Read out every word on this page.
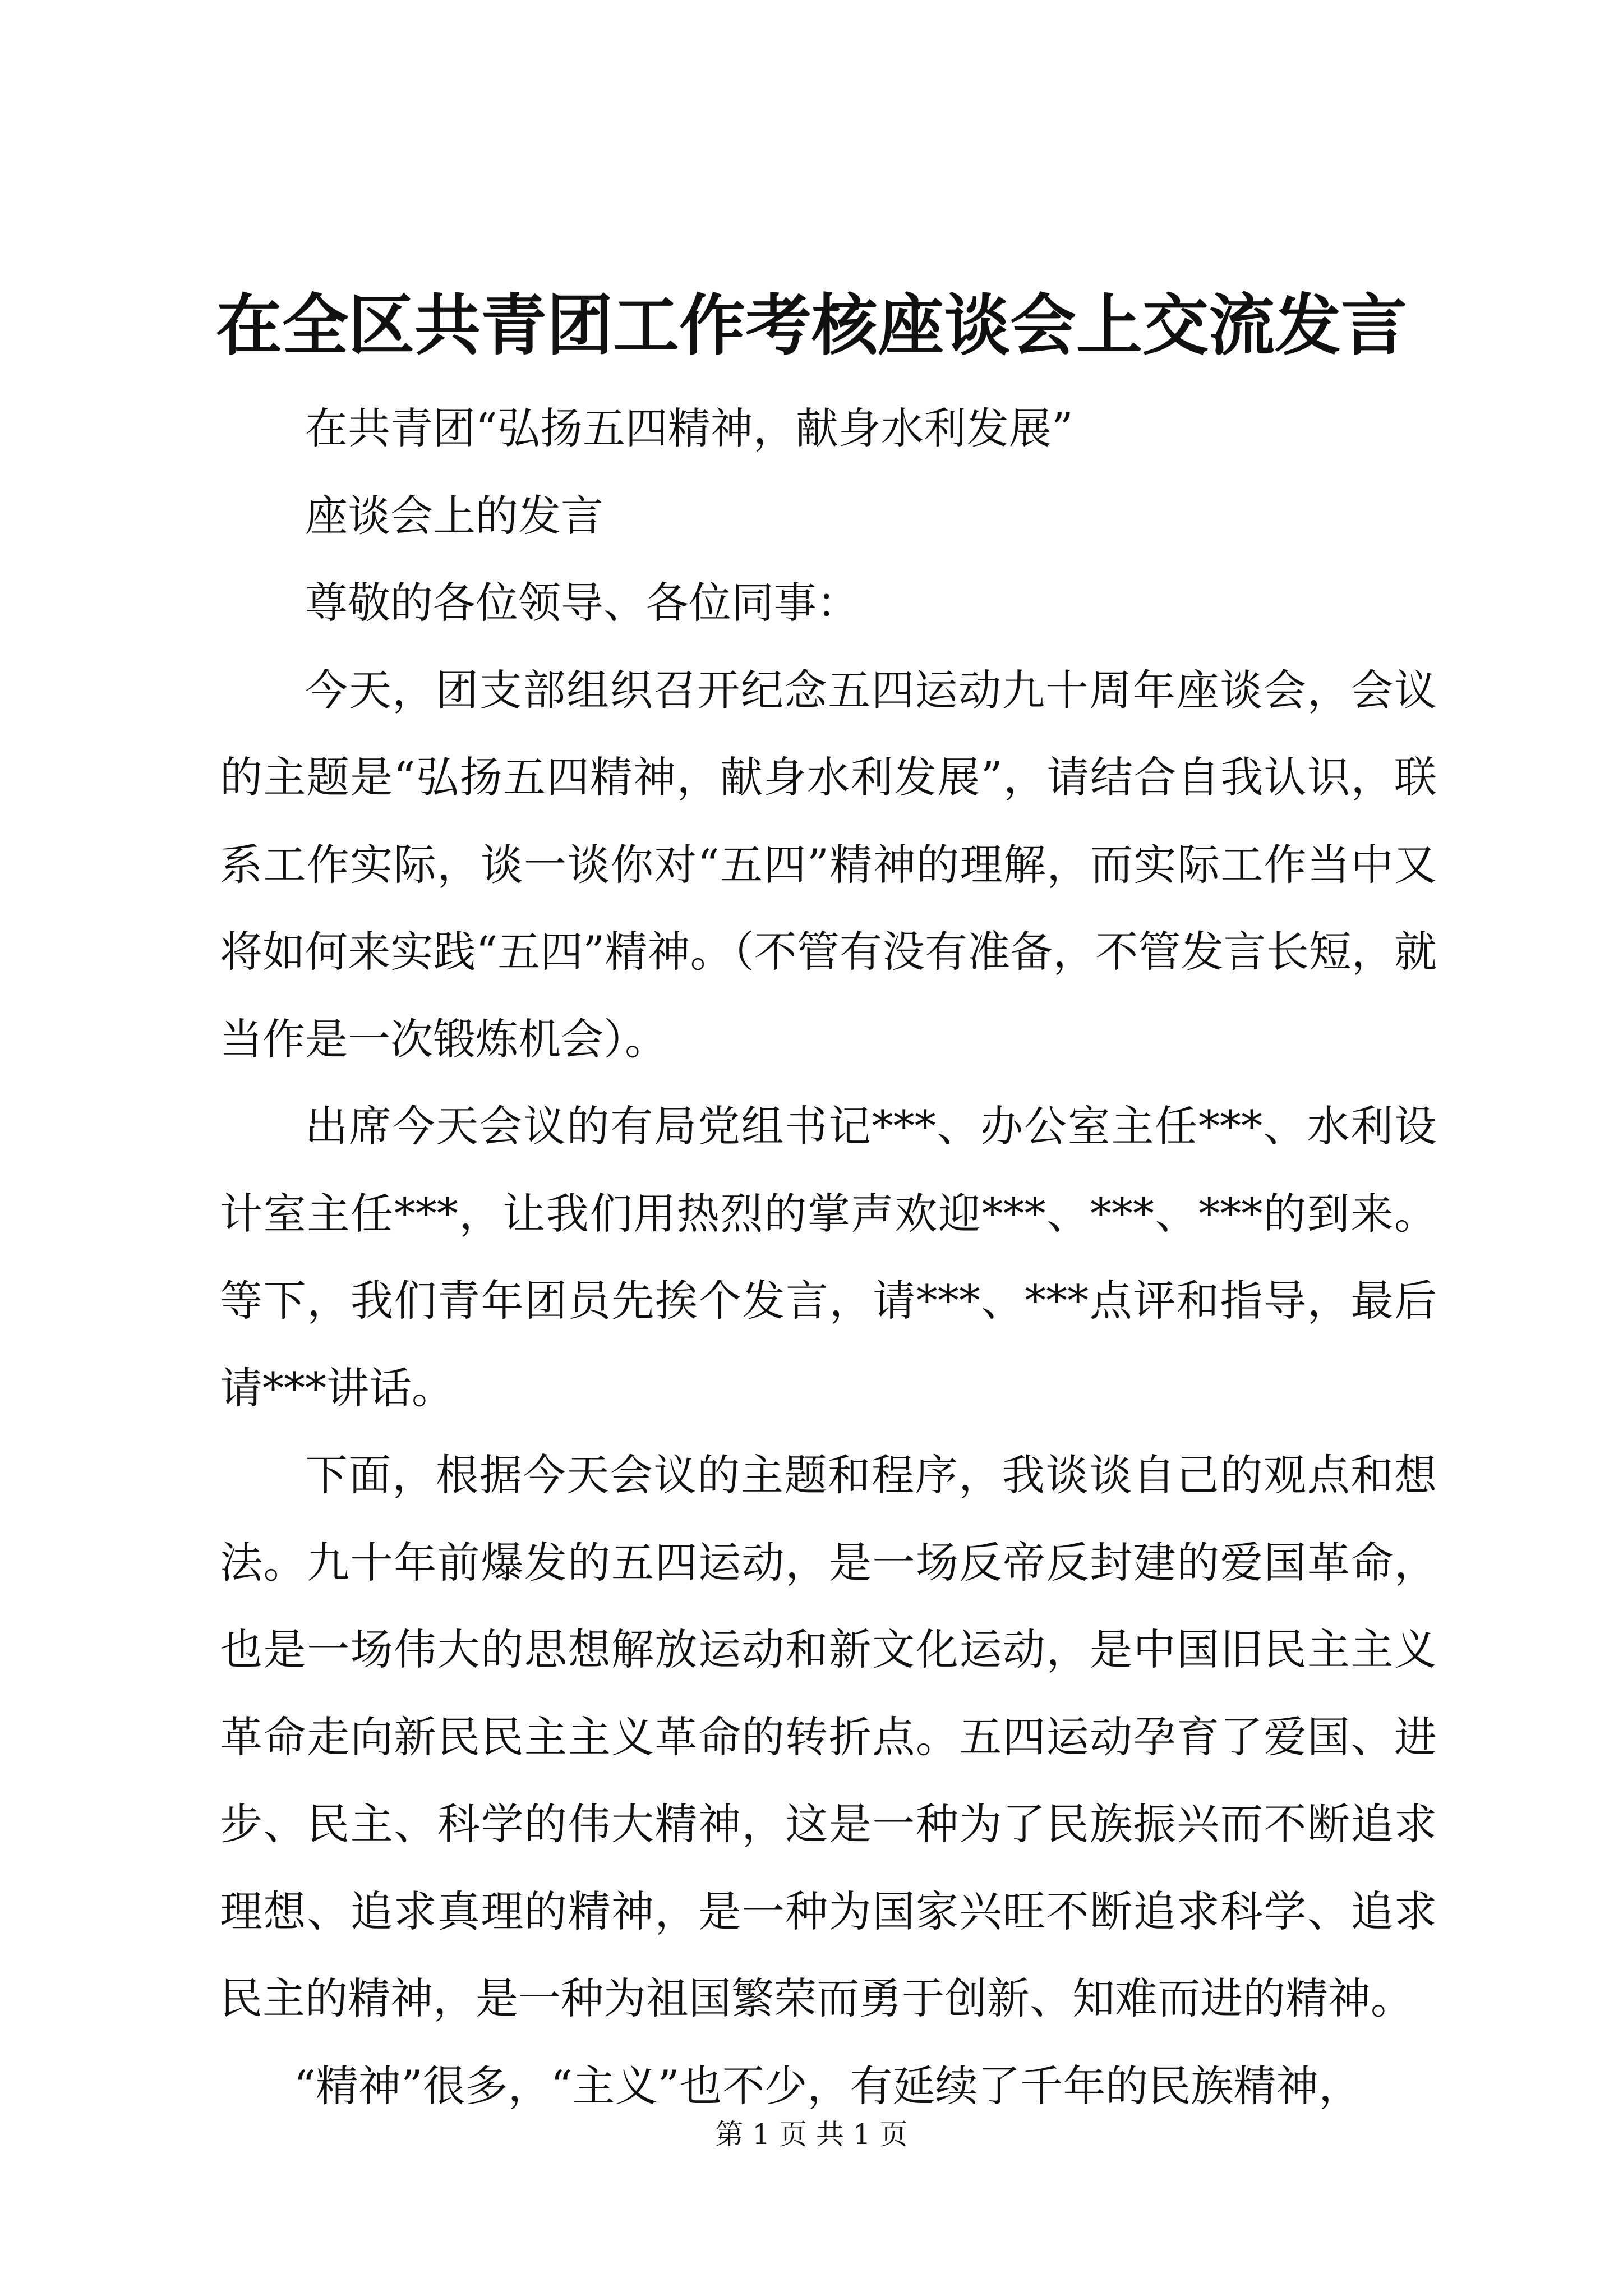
在全区共青团工作考核座谈会上交流发言

在共青团“弘扬五四精神，献身水利发展”

座谈会上的发言

尊敬的各位领导、各位同事：

今天，团支部组织召开纪念五四运动九十周年座谈会，会议的主题是“弘扬五四精神，献身水利发展”，请结合自我认识，联系工作实际，谈一谈你对“五四”精神的理解，而实际工作当中又将如何来实践“五四”精神。（不管有没有准备，不管发言长短，就当作是一次锻炼机会）。

出席今天会议的有局党组书记***、办公室主任***、水利设计室主任***，让我们用热烈的掌声欢迎***、***、***的到来。等下，我们青年团员先挨个发言，请***、***点评和指导，最后请***讲话。

下面，根据今天会议的主题和程序，我谈谈自己的观点和想法。九十年前爆发的五四运动，是一场反帝反封建的爱国革命，也是一场伟大的思想解放运动和新文化运动，是中国旧民主主义革命走向新民民主主义革命的转折点。五四运动孕育了爱国、进步、民主、科学的伟大精神，这是一种为了民族振兴而不断追求理想、追求真理的精神，是一种为国家兴旺不断追求科学、追求民主的精神，是一种为祖国繁荣而勇于创新、知难而进的精神。

“精神”很多，“主义”也不少，有延续了千年的民族精神，

第 1 页 共 1 页
